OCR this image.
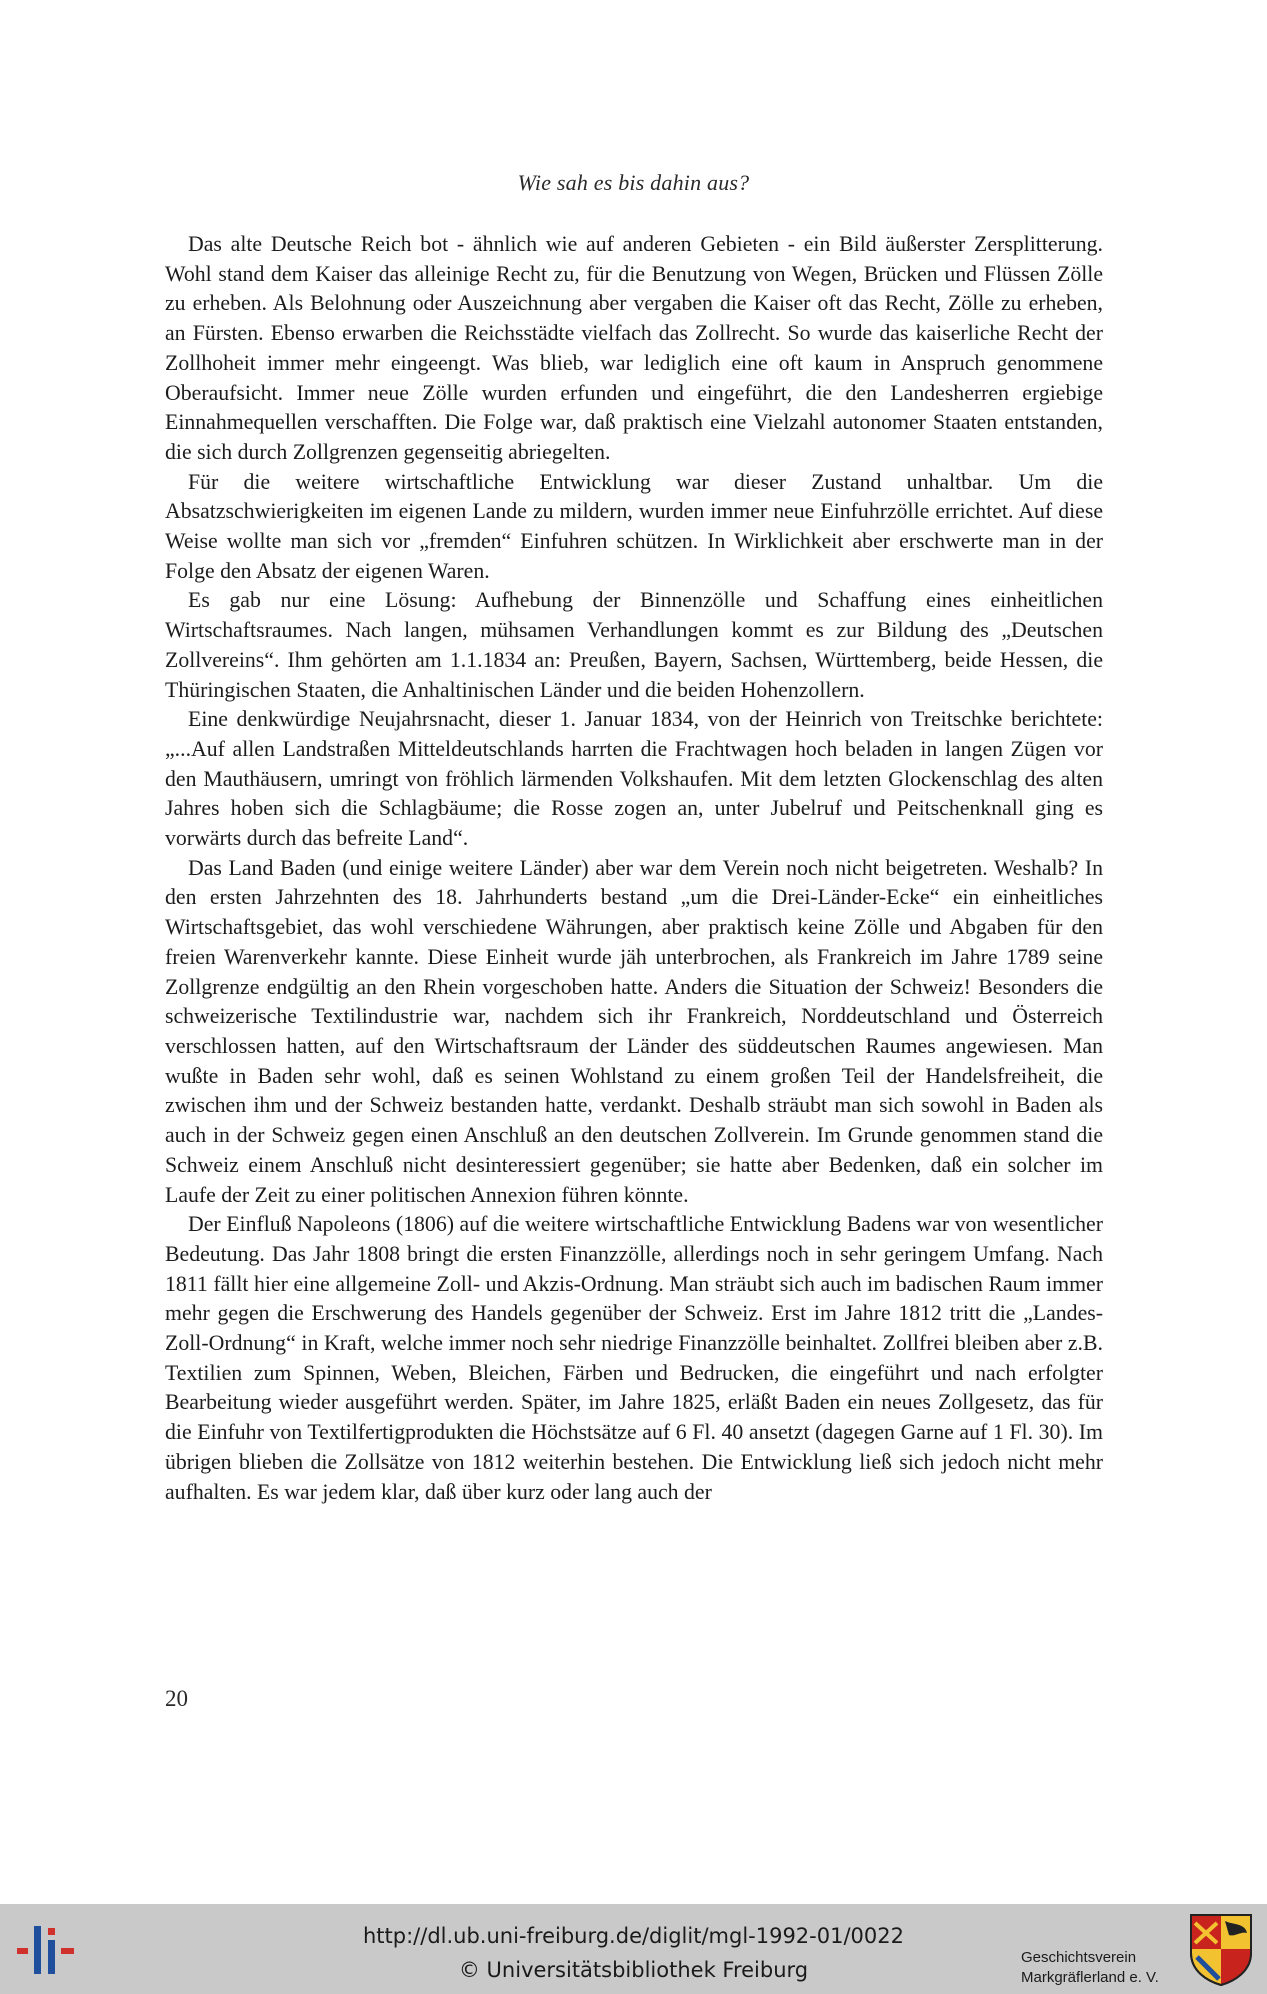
Wie sah es bis dahin aus?

Das alte Deutsche Reich bot - ähnlich wie auf anderen Gebieten - ein Bild äußerster Zersplitterung. Wohl stand dem Kaiser das alleinige Recht zu, für die Benutzung von Wegen, Brücken und Flüssen Zölle zu erheben. Als Belohnung oder Auszeichnung aber vergaben die Kaiser oft das Recht, Zölle zu erheben, an Fürsten. Ebenso erwarben die Reichsstädte vielfach das Zollrecht. So wurde das kaiserliche Recht der Zollhoheit immer mehr eingeengt. Was blieb, war lediglich eine oft kaum in Anspruch genommene Oberaufsicht. Immer neue Zölle wurden erfunden und eingeführt, die den Landesherren ergiebige Einnahmequellen verschafften. Die Folge war, daß praktisch eine Vielzahl autonomer Staaten entstanden, die sich durch Zollgrenzen gegenseitig abriegelten.

Für die weitere wirtschaftliche Entwicklung war dieser Zustand unhaltbar. Um die Absatzschwierigkeiten im eigenen Lande zu mildern, wurden immer neue Einfuhrzölle errichtet. Auf diese Weise wollte man sich vor „fremden“ Einfuhren schützen. In Wirklichkeit aber erschwerte man in der Folge den Absatz der eigenen Waren.

Es gab nur eine Lösung: Aufhebung der Binnenzölle und Schaffung eines einheitlichen Wirtschaftsraumes. Nach langen, mühsamen Verhandlungen kommt es zur Bildung des „Deutschen Zollvereins“. Ihm gehörten am 1.1.1834 an: Preußen, Bayern, Sachsen, Württemberg, beide Hessen, die Thüringischen Staaten, die Anhaltinischen Länder und die beiden Hohenzollern.

Eine denkwürdige Neujahrsnacht, dieser 1. Januar 1834, von der Heinrich von Treitschke berichtete: „...Auf allen Landstraßen Mitteldeutschlands harrten die Frachtwagen hoch beladen in langen Zügen vor den Mauthäusern, umringt von fröhlich lärmenden Volkshaufen. Mit dem letzten Glockenschlag des alten Jahres hoben sich die Schlagbäume; die Rosse zogen an, unter Jubelruf und Peitschenknall ging es vorwärts durch das befreite Land“.

Das Land Baden (und einige weitere Länder) aber war dem Verein noch nicht beigetreten. Weshalb? In den ersten Jahrzehnten des 18. Jahrhunderts bestand „um die Drei-Länder-Ecke“ ein einheitliches Wirtschaftsgebiet, das wohl verschiedene Währungen, aber praktisch keine Zölle und Abgaben für den freien Warenverkehr kannte. Diese Einheit wurde jäh unterbrochen, als Frankreich im Jahre 1789 seine Zollgrenze endgültig an den Rhein vorgeschoben hatte. Anders die Situation der Schweiz! Besonders die schweizerische Textilindustrie war, nachdem sich ihr Frankreich, Norddeutschland und Österreich verschlossen hatten, auf den Wirtschaftsraum der Länder des süddeutschen Raumes angewiesen. Man wußte in Baden sehr wohl, daß es seinen Wohlstand zu einem großen Teil der Handelsfreiheit, die zwischen ihm und der Schweiz bestanden hatte, verdankt. Deshalb sträubt man sich sowohl in Baden als auch in der Schweiz gegen einen Anschluß an den deutschen Zollverein. Im Grunde genommen stand die Schweiz einem Anschluß nicht desinteressiert gegenüber; sie hatte aber Bedenken, daß ein solcher im Laufe der Zeit zu einer politischen Annexion führen könnte.

Der Einfluß Napoleons (1806) auf die weitere wirtschaftliche Entwicklung Badens war von wesentlicher Bedeutung. Das Jahr 1808 bringt die ersten Finanzzölle, allerdings noch in sehr geringem Umfang. Nach 1811 fällt hier eine allgemeine Zoll- und Akzis-Ordnung. Man sträubt sich auch im badischen Raum immer mehr gegen die Erschwerung des Handels gegenüber der Schweiz. Erst im Jahre 1812 tritt die „Landes-Zoll-Ordnung“ in Kraft, welche immer noch sehr niedrige Finanzzölle beinhaltet. Zollfrei bleiben aber z.B. Textilien zum Spinnen, Weben, Bleichen, Färben und Bedrucken, die eingeführt und nach erfolgter Bearbeitung wieder ausgeführt werden. Später, im Jahre 1825, erläßt Baden ein neues Zollgesetz, das für die Einfuhr von Textilfertigprodukten die Höchstsätze auf 6 Fl. 40 ansetzt (dagegen Garne auf 1 Fl. 30). Im übrigen blieben die Zollsätze von 1812 weiterhin bestehen. Die Entwicklung ließ sich jedoch nicht mehr aufhalten. Es war jedem klar, daß über kurz oder lang auch der

20
http://dl.ub.uni-freiburg.de/diglit/mgl-1992-01/0022
© Universitätsbibliothek Freiburg
Geschichtsverein
Markgräflerland e. V.
